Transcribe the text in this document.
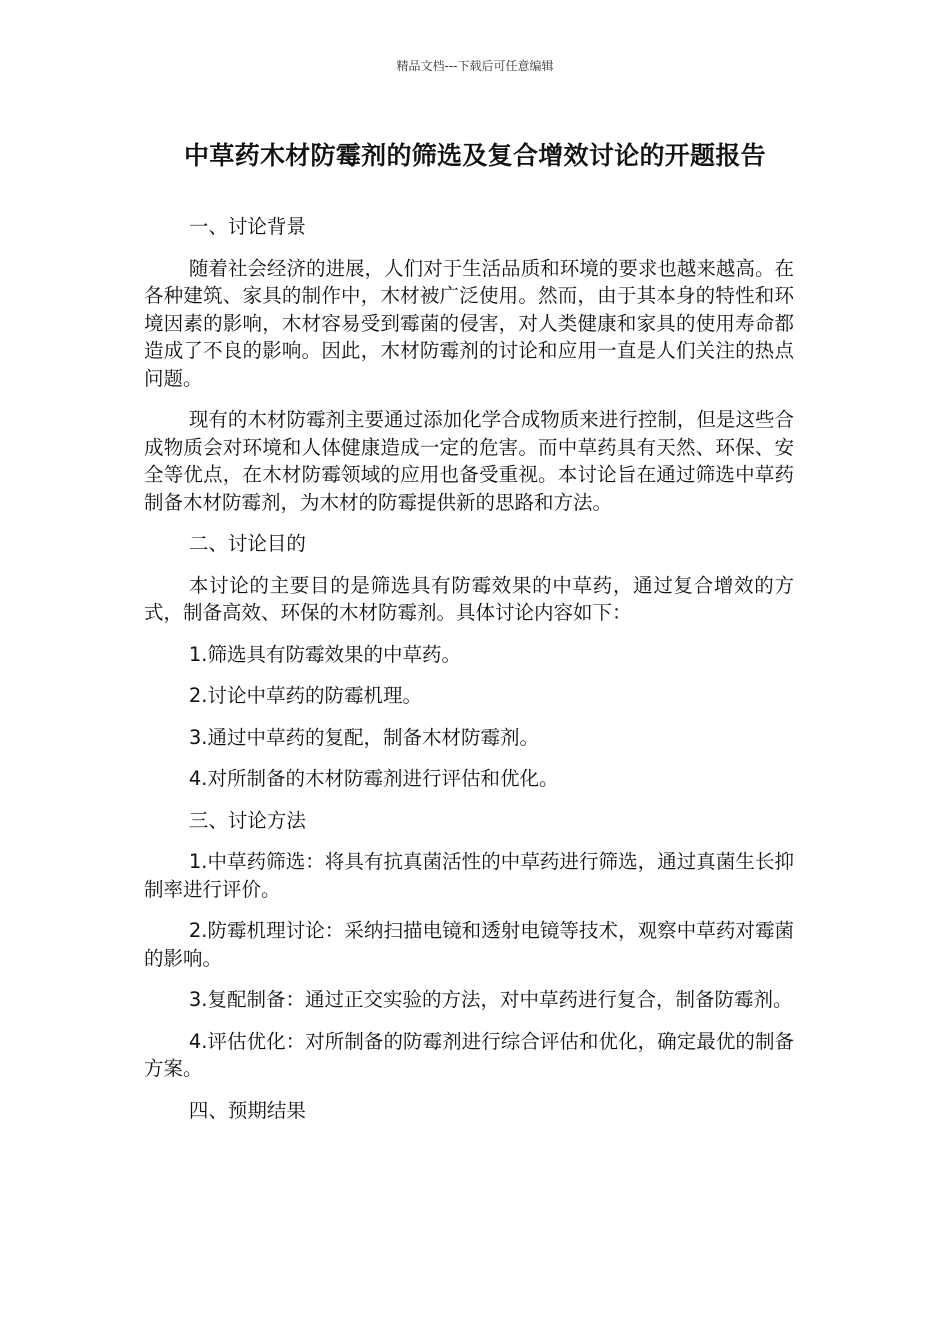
精品文档---下载后可任意编辑
中草药木材防霉剂的筛选及复合增效讨论的开题报告

一、讨论背景

随着社会经济的进展，人们对于生活品质和环境的要求也越来越高。在各种建筑、家具的制作中，木材被广泛使用。然而，由于其本身的特性和环境因素的影响，木材容易受到霉菌的侵害，对人类健康和家具的使用寿命都造成了不良的影响。因此，木材防霉剂的讨论和应用一直是人们关注的热点问题。

现有的木材防霉剂主要通过添加化学合成物质来进行控制，但是这些合成物质会对环境和人体健康造成一定的危害。而中草药具有天然、环保、安全等优点，在木材防霉领域的应用也备受重视。本讨论旨在通过筛选中草药制备木材防霉剂，为木材的防霉提供新的思路和方法。

二、讨论目的

本讨论的主要目的是筛选具有防霉效果的中草药，通过复合增效的方式，制备高效、环保的木材防霉剂。具体讨论内容如下：

1.筛选具有防霉效果的中草药。

2.讨论中草药的防霉机理。

3.通过中草药的复配，制备木材防霉剂。

4.对所制备的木材防霉剂进行评估和优化。

三、讨论方法

1.中草药筛选：将具有抗真菌活性的中草药进行筛选，通过真菌生长抑制率进行评价。

2.防霉机理讨论：采纳扫描电镜和透射电镜等技术，观察中草药对霉菌的影响。

3.复配制备：通过正交实验的方法，对中草药进行复合，制备防霉剂。

4.评估优化：对所制备的防霉剂进行综合评估和优化，确定最优的制备方案。

四、预期结果
